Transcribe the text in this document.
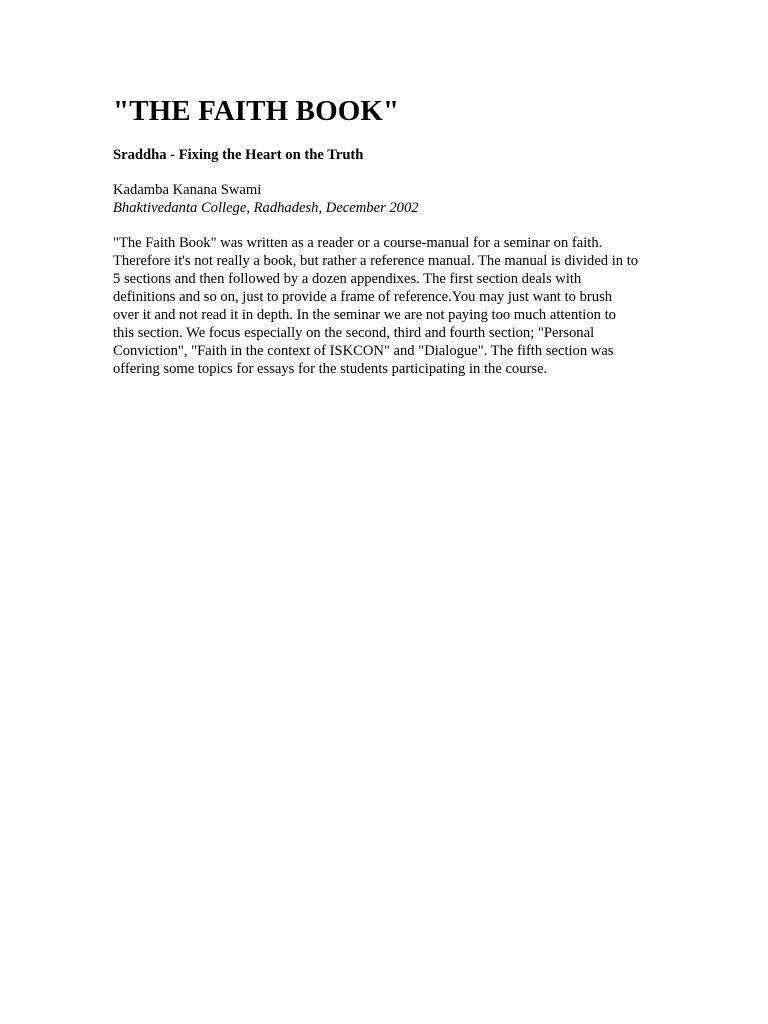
"THE FAITH BOOK"
Sraddha - Fixing the Heart on the Truth
Kadamba Kanana Swami
Bhaktivedanta College, Radhadesh, December 2002
"The Faith Book" was written as a reader or a course-manual for a seminar on faith.
Therefore it's not really a book, but rather a reference manual. The manual is divided in to
5 sections and then followed by a dozen appendixes. The first section deals with
definitions and so on, just to provide a frame of reference.You may just want to brush
over it and not read it in depth. In the seminar we are not paying too much attention to
this section. We focus especially on the second, third and fourth section; "Personal
Conviction", "Faith in the context of ISKCON" and "Dialogue". The fifth section was
offering some topics for essays for the students participating in the course.
